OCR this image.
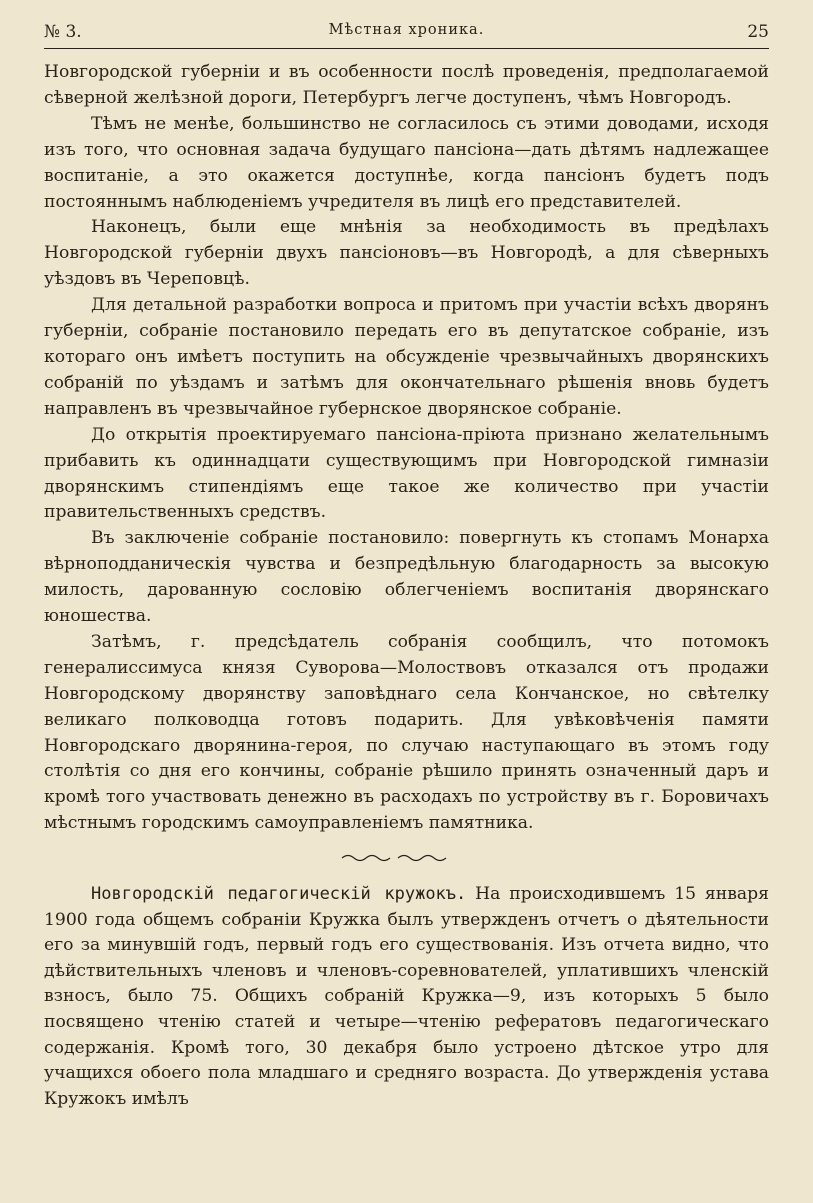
№ 3.	Мѣстная хроника.	25

Новгородской губерніи и въ особенности послѣ проведенія, предполагаемой сѣверной желѣзной дороги, Петербургъ легче доступенъ, чѣмъ Новгородъ.

Тѣмъ не менѣе, большинство не согласилось съ этими доводами, исходя изъ того, что основная задача будущаго пансіона—дать дѣтямъ надлежащее воспитаніе, а это окажется доступнѣе, когда пансіонъ будетъ подъ постояннымъ наблюденіемъ учредителя въ лицѣ его представителей.

Наконецъ, были еще мнѣнія за необходимость въ предѣлахъ Новгородской губерніи двухъ пансіоновъ—въ Новгородѣ, а для сѣверныхъ уѣздовъ въ Череповцѣ.

Для детальной разработки вопроса и притомъ при участіи всѣхъ дворянъ губерніи, собраніе постановило передать его въ депутатское собраніе, изъ котораго онъ имѣетъ поступить на обсужденіе чрезвычайныхъ дворянскихъ собраній по уѣздамъ и затѣмъ для окончательнаго рѣшенія вновь будетъ направленъ въ чрезвычайное губернское дворянское собраніе.

До открытія проектируемаго пансіона-пріюта признано желательнымъ прибавить къ одиннадцати существующимъ при Новгородской гимназіи дворянскимъ стипендіямъ еще такое же количество при участіи правительственныхъ средствъ.

Въ заключеніе собраніе постановило: повергнуть къ стопамъ Монарха вѣрноподданическія чувства и безпредѣльную благодарность за высокую милость, дарованную сословію облегченіемъ воспитанія дворянскаго юношества.

Затѣмъ, г. предсѣдатель собранія сообщилъ, что потомокъ генералиссимуса князя Суворова—Молоствовъ отказался отъ продажи Новгородскому дворянству заповѣднаго села Кончанское, но свѣтелку великаго полководца готовъ подарить. Для увѣковѣченія памяти Новгородскаго дворянина-героя, по случаю наступающаго въ этомъ году столѣтія со дня его кончины, собраніе рѣшило принять означенный даръ и кромѣ того участвовать денежно въ расходахъ по устройству въ г. Боровичахъ мѣстнымъ городскимъ самоуправленіемъ памятника.

Новгородскій педагогическій кружокъ. На происходившемъ 15 января 1900 года общемъ собраніи Кружка былъ утвержденъ отчетъ о дѣятельности его за минувшій годъ, первый годъ его существованія. Изъ отчета видно, что дѣйствительныхъ членовъ и членовъ-соревнователей, уплатившихъ членскій взносъ, было 75. Общихъ собраній Кружка—9, изъ которыхъ 5 было посвящено чтенію статей и четыре—чтенію рефератовъ педагогическаго содержанія. Кромѣ того, 30 декабря было устроено дѣтское утро для учащихся обоего пола младшаго и средняго возраста. До утвержденія устава Кружокъ имѣлъ
